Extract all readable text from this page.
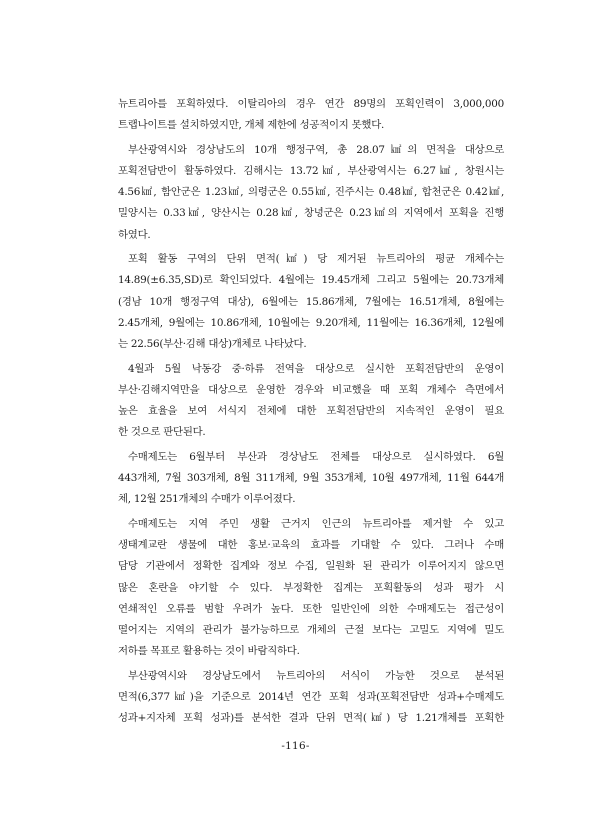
뉴트리아를 포획하였다. 이탈리아의 경우 연간 89명의 포획인력이 3,000,000
트랩나이트를 설치하였지만, 개체 제한에 성공적이지 못했다.

부산광역시와 경상남도의 10개 행정구역, 총 28.07㎢의 면적을 대상으로
포획전담반이 활동하였다. 김해시는 13.72㎢, 부산광역시는 6.27㎢, 창원시는
4.56㎢, 함안군은 1.23㎢, 의령군은 0.55㎢, 진주시는 0.48㎢, 합천군은 0.42㎢,
밀양시는 0.33㎢, 양산시는 0.28㎢, 창녕군은 0.23㎢의 지역에서 포획을 진행
하였다.

포획 활동 구역의 단위 면적(㎢) 당 제거된 뉴트리아의 평균 개체수는
14.89(±6.35,SD)로 확인되었다. 4월에는 19.45개체 그리고 5월에는 20.73개체
(경남 10개 행정구역 대상), 6월에는 15.86개체, 7월에는 16.51개체, 8월에는
2.45개체, 9월에는 10.86개체, 10월에는 9.20개체, 11월에는 16.36개체, 12월에
는 22.56(부산·김해 대상)개체로 나타났다.

4월과 5월 낙동강 중·하류 전역을 대상으로 실시한 포획전담반의 운영이
부산·김해지역만을 대상으로 운영한 경우와 비교했을 때 포획 개체수 측면에서
높은 효율을 보여 서식지 전체에 대한 포획전담반의 지속적인 운영이 필요
한 것으로 판단된다.

수매제도는 6월부터 부산과 경상남도 전체를 대상으로 실시하였다. 6월
443개체, 7월 303개체, 8월 311개체, 9월 353개체, 10월 497개체, 11월 644개
체, 12월 251개체의 수매가 이루어졌다.

수매제도는 지역 주민 생활 근거지 인근의 뉴트리아를 제거할 수 있고
생태계교란 생물에 대한 홍보·교육의 효과를 기대할 수 있다. 그러나 수매
담당 기관에서 정확한 집계와 정보 수집, 일원화 된 관리가 이루어지지 않으면
많은 혼란을 야기할 수 있다. 부정확한 집계는 포획활동의 성과 평가 시
연쇄적인 오류를 범할 우려가 높다. 또한 일반인에 의한 수매제도는 접근성이
떨어지는 지역의 관리가 불가능하므로 개체의 근절 보다는 고밀도 지역에 밀도
저하를 목표로 활용하는 것이 바람직하다.

부산광역시와 경상남도에서 뉴트리아의 서식이 가능한 것으로 분석된
면적(6,377㎢)을 기준으로 2014년 연간 포획 성과(포획전담반 성과+수매제도
성과+지자체 포획 성과)를 분석한 결과 단위 면적(㎢) 당 1.21개체를 포획한

-116-
